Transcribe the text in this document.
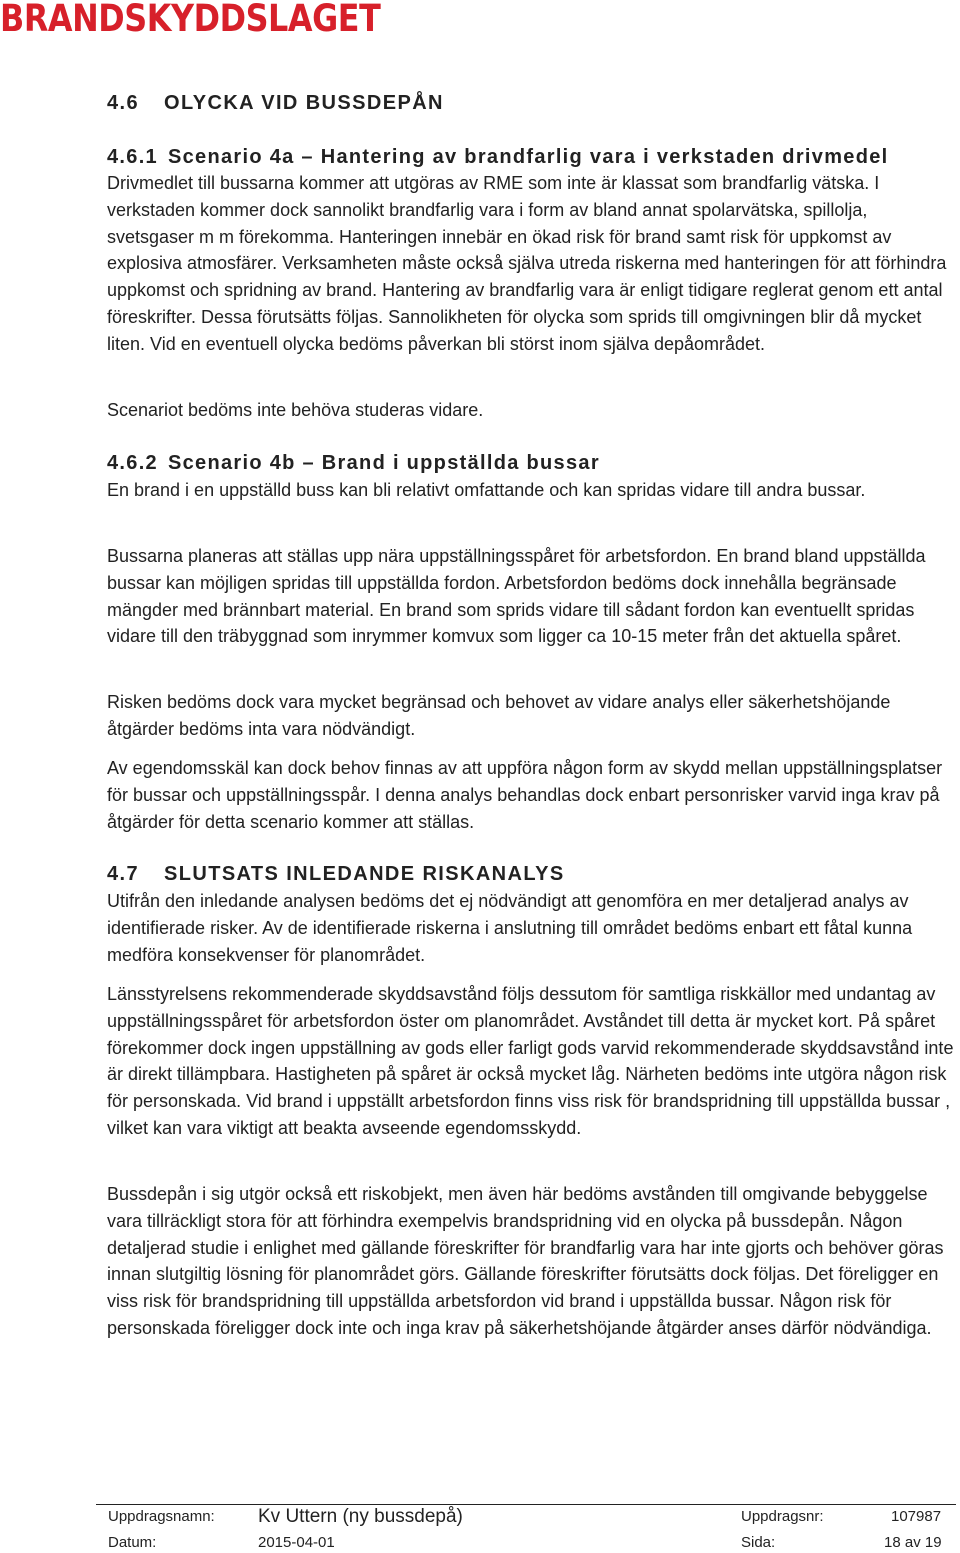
BRANDSKYDDSLAGET
4.6 OLYCKA VID BUSSDEPÅN
4.6.1 Scenario 4a – Hantering av brandfarlig vara i verkstaden drivmedel

Drivmedlet till bussarna kommer att utgöras av RME som inte är klassat som brandfarlig vätska. I verkstaden kommer dock sannolikt brandfarlig vara i form av bland annat spolarvätska, spillolja, svetsgaser m m förekomma. Hanteringen innebär en ökad risk för brand samt risk för uppkomst av explosiva atmosfärer. Verksamheten måste också själva utreda riskerna med hanteringen för att förhindra uppkomst och spridning av brand. Hantering av brandfarlig vara är enligt tidigare reglerat genom ett antal föreskrifter. Dessa förutsätts följas. Sannolikheten för olycka som sprids till omgivningen blir då mycket liten. Vid en eventuell olycka bedöms påverkan bli störst inom själva depåområdet.

Scenariot bedöms inte behöva studeras vidare.

4.6.2 Scenario 4b – Brand i uppställda bussar

En brand i en uppställd buss kan bli relativt omfattande och kan spridas vidare till andra bussar.

Bussarna planeras att ställas upp nära uppställningsspåret för arbetsfordon. En brand bland uppställda bussar kan möjligen spridas till uppställda fordon. Arbetsfordon bedöms dock innehålla begränsade mängder med brännbart material. En brand som sprids vidare till sådant fordon kan eventuellt spridas vidare till den träbyggnad som inrymmer komvux som ligger ca 10-15 meter från det aktuella spåret.

Risken bedöms dock vara mycket begränsad och behovet av vidare analys eller säkerhetshöjande åtgärder bedöms inta vara nödvändigt.

Av egendomsskäl kan dock behov finnas av att uppföra någon form av skydd mellan uppställningsplatser för bussar och uppställningsspår. I denna analys behandlas dock enbart personrisker varvid inga krav på åtgärder för detta scenario kommer att ställas.

4.7 SLUTSATS INLEDANDE RISKANALYS

Utifrån den inledande analysen bedöms det ej nödvändigt att genomföra en mer detaljerad analys av identifierade risker. Av de identifierade riskerna i anslutning till området bedöms enbart ett fåtal kunna medföra konsekvenser för planområdet.

Länsstyrelsens rekommenderade skyddsavstånd följs dessutom för samtliga riskkällor med undantag av uppställningsspåret för arbetsfordon öster om planområdet. Avståndet till detta är mycket kort. På spåret förekommer dock ingen uppställning av gods eller farligt gods varvid rekommenderade skyddsavstånd inte är direkt tillämpbara. Hastigheten på spåret är också mycket låg. Närheten bedöms inte utgöra någon risk för personskada. Vid brand i uppställt arbetsfordon finns viss risk för brandspridning till uppställda bussar , vilket kan vara viktigt att beakta avseende egendomsskydd.

Bussdepån i sig utgör också ett riskobjekt, men även här bedöms avstånden till omgivande bebyggelse vara tillräckligt stora för att förhindra exempelvis brandspridning vid en olycka på bussdepån. Någon detaljerad studie i enlighet med gällande föreskrifter för brandfarlig vara har inte gjorts och behöver göras innan slutgiltig lösning för planområdet görs. Gällande föreskrifter förutsätts dock följas. Det föreligger en viss risk för brandspridning till uppställda arbetsfordon vid brand i uppställda bussar. Någon risk för personskada föreligger dock inte och inga krav på säkerhetshöjande åtgärder anses därför nödvändiga.

Uppdragsnamn: Kv Uttern (ny bussdepå)	Uppdragsnr:	107987
Datum:	2015-04-01	Sida:	18 av 19
